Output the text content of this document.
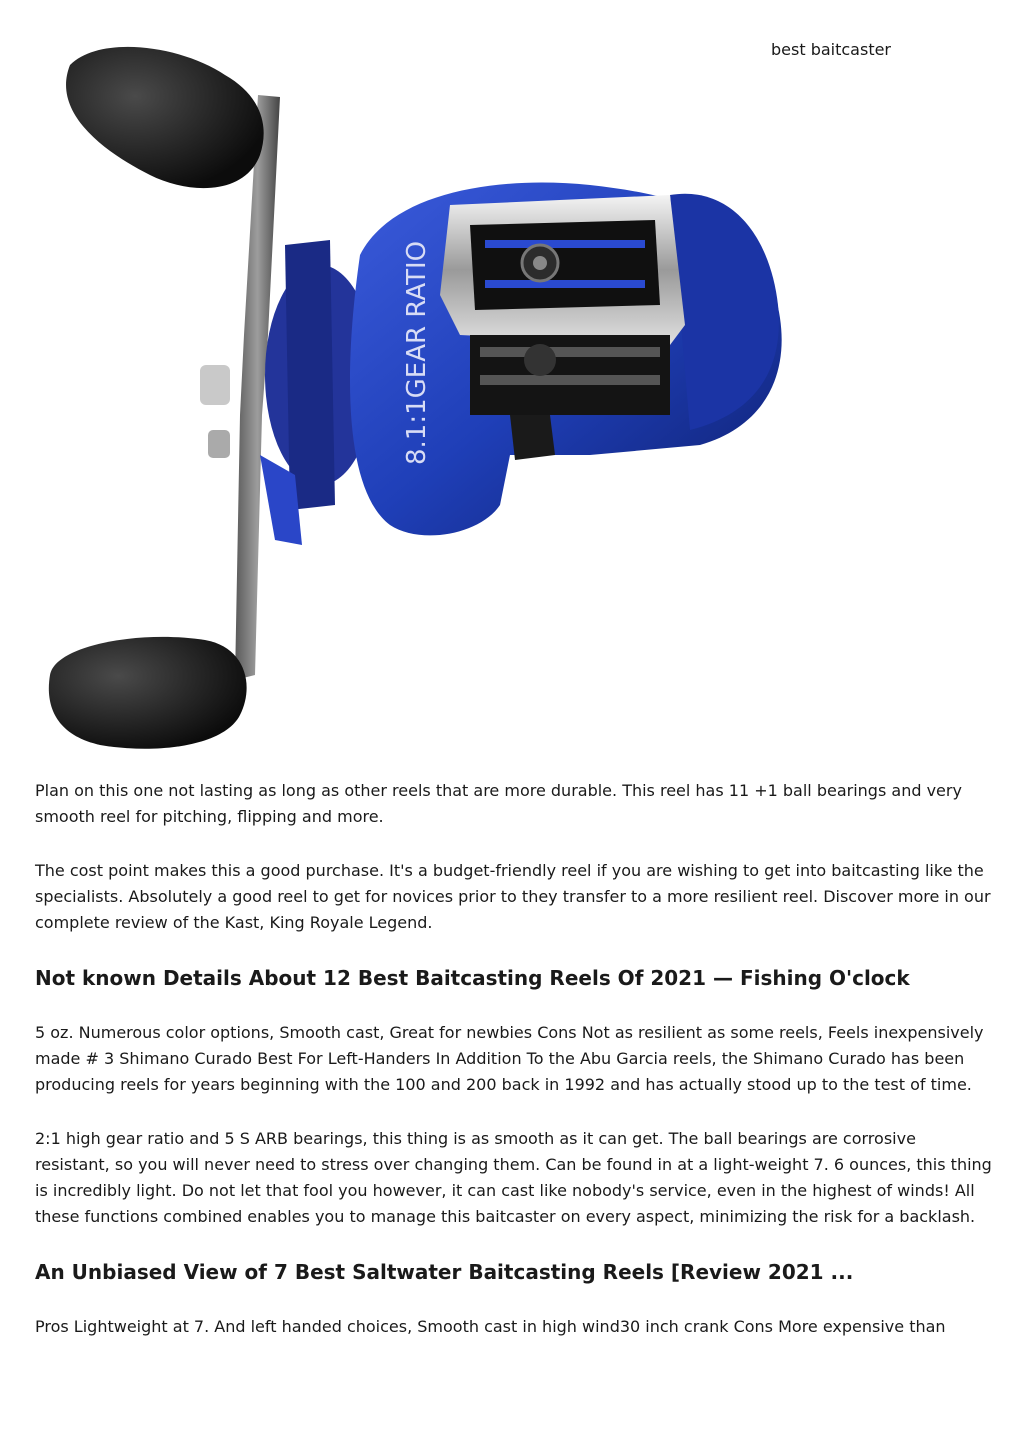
best baitcaster
8.1:1GEAR RATIO

Plan on this one not lasting as long as other reels that are more durable. This reel has 11 +1 ball bearings and very smooth reel for pitching, flipping and more.

The cost point makes this a good purchase. It's a budget-friendly reel if you are wishing to get into baitcasting like the specialists. Absolutely a good reel to get for novices prior to they transfer to a more resilient reel. Discover more in our complete review of the Kast, King Royale Legend.

Not known Details About 12 Best Baitcasting Reels Of 2021 — Fishing O'clock

5 oz. Numerous color options, Smooth cast, Great for newbies Cons Not as resilient as some reels, Feels inexpensively made # 3 Shimano Curado Best For Left-Handers In Addition To the Abu Garcia reels, the Shimano Curado has been producing reels for years beginning with the 100 and 200 back in 1992 and has actually stood up to the test of time.

2:1 high gear ratio and 5 S ARB bearings, this thing is as smooth as it can get. The ball bearings are corrosive resistant, so you will never need to stress over changing them. Can be found in at a light-weight 7. 6 ounces, this thing is incredibly light. Do not let that fool you however, it can cast like nobody's service, even in the highest of winds! All these functions combined enables you to manage this baitcaster on every aspect, minimizing the risk for a backlash.

An Unbiased View of 7 Best Saltwater Baitcasting Reels [Review 2021 ...

Pros Lightweight at 7. And left handed choices, Smooth cast in high wind30 inch crank Cons More expensive than
